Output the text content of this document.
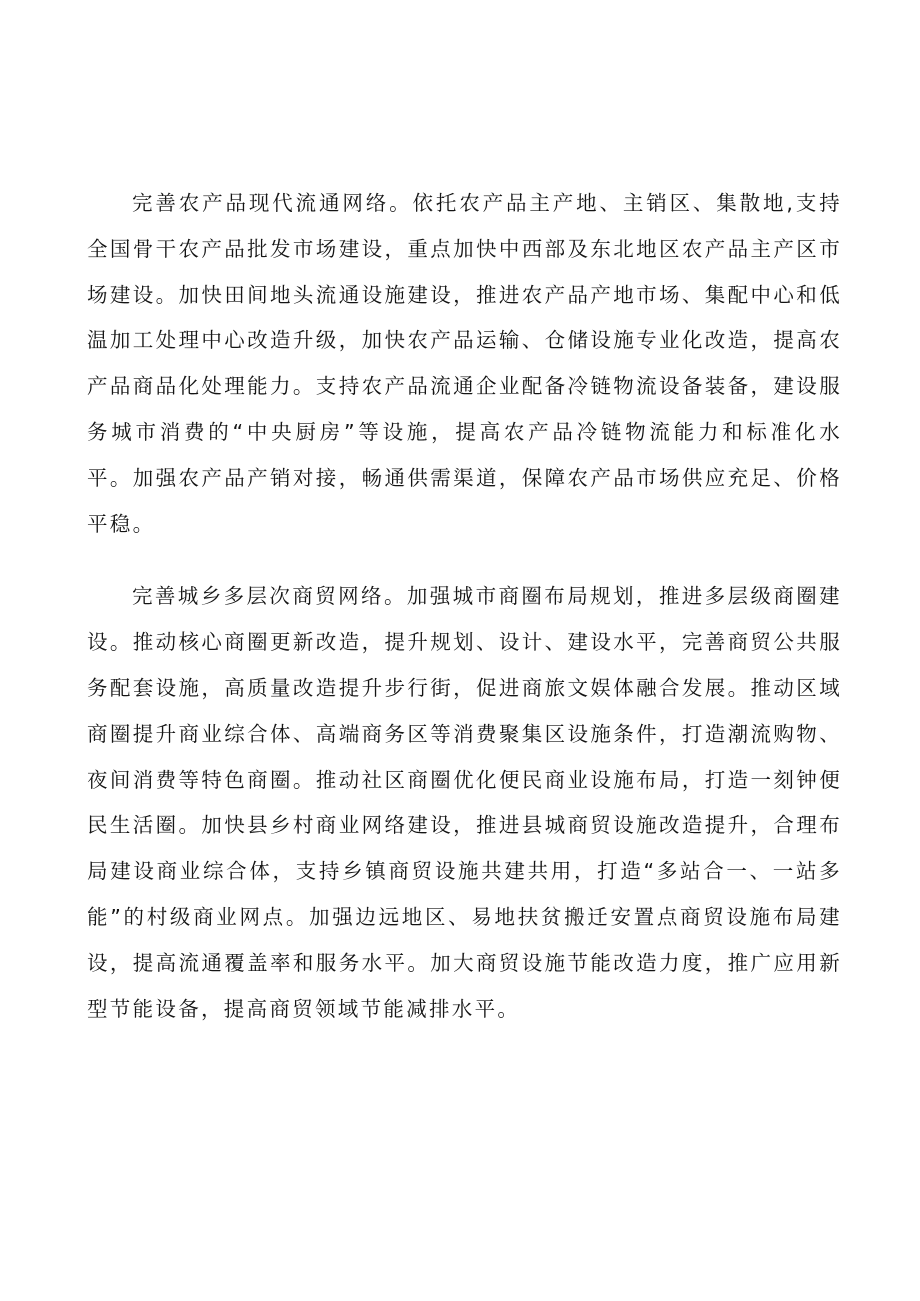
完善农产品现代流通网络。依托农产品主产地、主销区、集散地,支持全国骨干农产品批发市场建设，重点加快中西部及东北地区农产品主产区市场建设。加快田间地头流通设施建设，推进农产品产地市场、集配中心和低温加工处理中心改造升级，加快农产品运输、仓储设施专业化改造，提高农产品商品化处理能力。支持农产品流通企业配备冷链物流设备装备，建设服务城市消费的“中央厨房”等设施，提高农产品冷链物流能力和标准化水平。加强农产品产销对接，畅通供需渠道，保障农产品市场供应充足、价格平稳。

完善城乡多层次商贸网络。加强城市商圈布局规划，推进多层级商圈建设。推动核心商圈更新改造，提升规划、设计、建设水平，完善商贸公共服务配套设施，高质量改造提升步行街，促进商旅文娱体融合发展。推动区域商圈提升商业综合体、高端商务区等消费聚集区设施条件，打造潮流购物、夜间消费等特色商圈。推动社区商圈优化便民商业设施布局，打造一刻钟便民生活圈。加快县乡村商业网络建设，推进县城商贸设施改造提升，合理布局建设商业综合体，支持乡镇商贸设施共建共用，打造“多站合一、一站多能”的村级商业网点。加强边远地区、易地扶贫搬迁安置点商贸设施布局建设，提高流通覆盖率和服务水平。加大商贸设施节能改造力度，推广应用新型节能设备，提高商贸领域节能减排水平。
